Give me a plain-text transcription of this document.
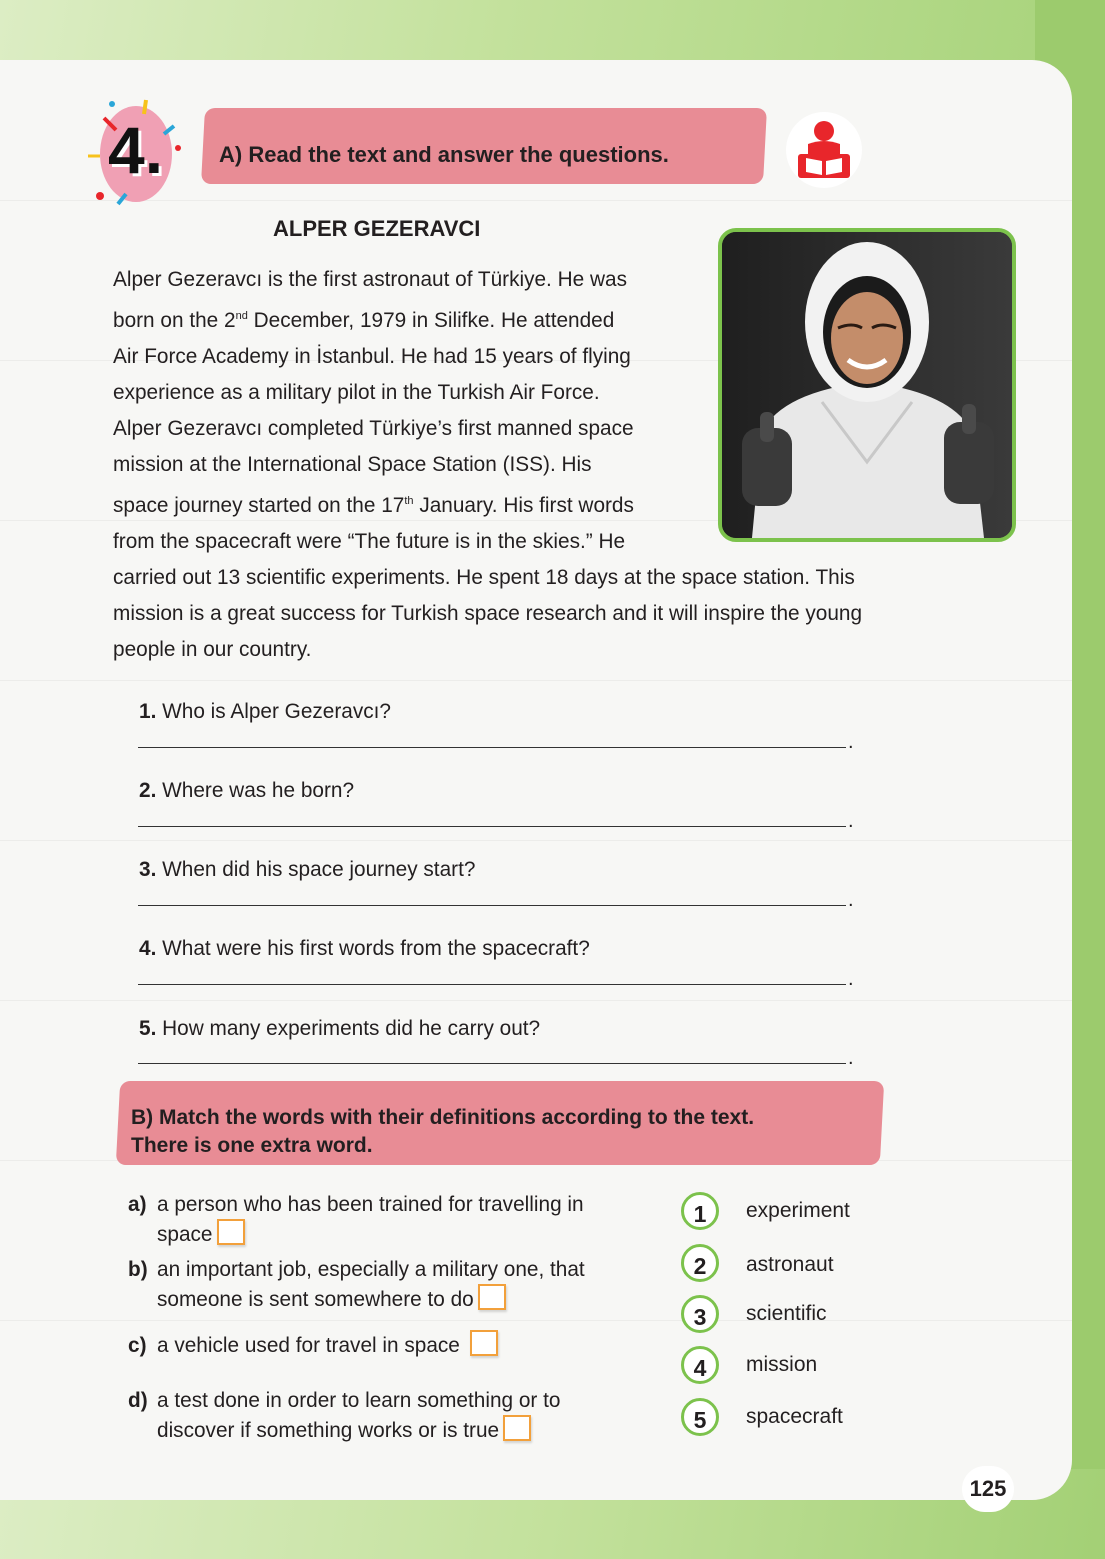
4.	A) Read the text and answer the questions.
ALPER GEZERAVCI

Alper Gezeravcı is the first astronaut of Türkiye. He was

born on the 2nd December, 1979 in Silifke. He attended

Air Force Academy in İstanbul. He had 15 years of flying

experience as a military pilot in the Turkish Air Force.

Alper Gezeravcı completed Türkiye’s first manned space

mission at the International Space Station (ISS). His

space journey started on the 17th January. His first words

from the spacecraft were “The future is in the skies.” He

carried out 13 scientific experiments. He spent 18 days at the space station. This

mission is a great success for Turkish space research and it will inspire the young

people in our country.

1. Who is Alper Gezeravcı?
.
2. Where was he born?
.
3. When did his space journey start?
.
4. What were his first words from the spacecraft?
.
5. How many experiments did he carry out?
.
B) Match the words with their definitions according to the text.
There is one extra word.
a) a person who has been trained for travelling in
space
b) an important job, especially a military one, that
someone is sent somewhere to do
c) a vehicle used for travel in space
d) a test done in order to learn something or to
discover if something works or is true
1	experiment
2	astronaut
3	scientific
4	mission
5	spacecraft
125
